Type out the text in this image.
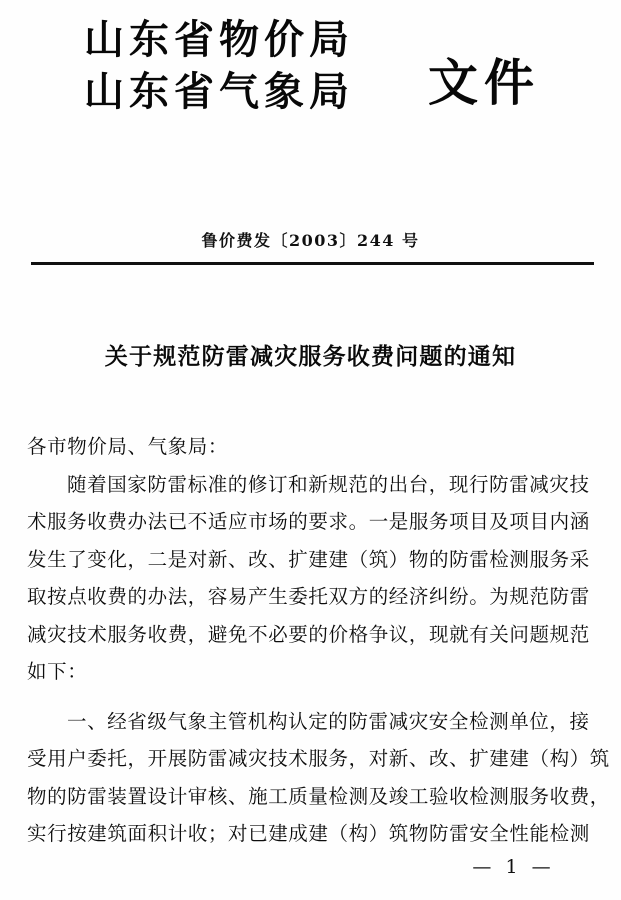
山东省物价局
山东省气象局	文件
鲁价费发〔2003〕244 号
关于规范防雷减灾服务收费问题的通知
各市物价局、气象局：
随着国家防雷标准的修订和新规范的出台，现行防雷减灾技
术服务收费办法已不适应市场的要求。一是服务项目及项目内涵
发生了变化，二是对新、改、扩建建（筑）物的防雷检测服务采
取按点收费的办法，容易产生委托双方的经济纠纷。为规范防雷
减灾技术服务收费，避免不必要的价格争议，现就有关问题规范
如下：
一、经省级气象主管机构认定的防雷减灾安全检测单位，接
受用户委托，开展防雷减灾技术服务，对新、改、扩建建（构）筑
物的防雷装置设计审核、施工质量检测及竣工验收检测服务收费，
实行按建筑面积计收；对已建成建（构）筑物防雷安全性能检测
— 1 —
